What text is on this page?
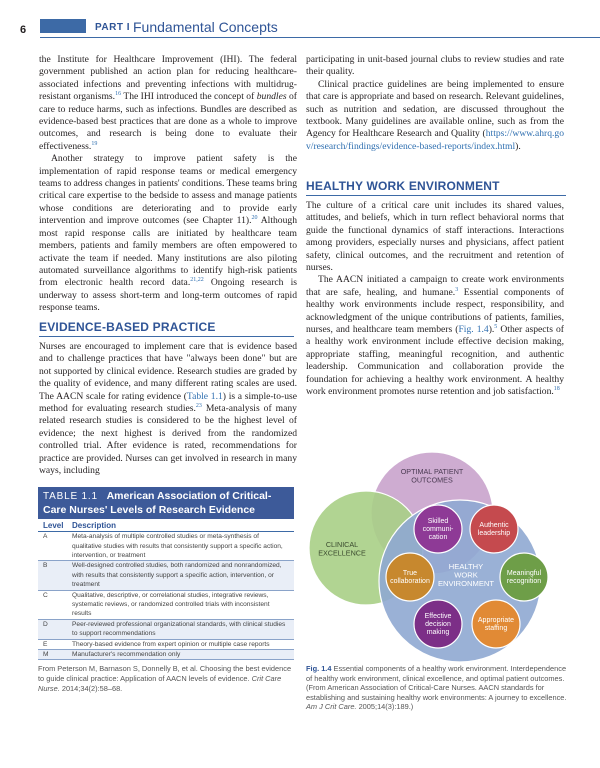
6	PART I Fundamental Concepts

the Institute for Healthcare Improvement (IHI). The federal government published an action plan for reducing healthcare-associated infections and preventing infections with multidrug-resistant organisms.$^{16}$ The IHI introduced the concept of bundles of care to reduce harms, such as infections. Bundles are described as evidence-based best practices that are done as a whole to improve outcomes, and research is being done to evaluate their effectiveness.$^{19}$

Another strategy to improve patient safety is the implementation of rapid response teams or medical emergency teams to address changes in patients' conditions. These teams bring critical care expertise to the bedside to assess and manage patients whose conditions are deteriorating and to provide early intervention and improve outcomes (see Chapter 11).$^{20}$ Although most rapid response calls are initiated by healthcare team members, patients and family members are often empowered to activate the team if needed. Many institutions are also piloting automated surveillance algorithms to identify high-risk patients from electronic health record data.$^{21,22}$ Ongoing research is underway to assess short-term and long-term outcomes of rapid response teams.

EVIDENCE-BASED PRACTICE

Nurses are encouraged to implement care that is evidence based and to challenge practices that have "always been done" but are not supported by clinical evidence. Research studies are graded by the quality of evidence, and many different rating scales are used. The AACN scale for rating evidence (Table 1.1) is a simple-to-use method for evaluating research studies.$^{23}$ Meta-analysis of many related research studies is considered to be the highest level of evidence; the next highest is derived from the randomized controlled trial. After evidence is rated, recommendations for practice are provided. Nurses can get involved in research in many ways, including

participating in unit-based journal clubs to review studies and rate their quality.

Clinical practice guidelines are being implemented to ensure that care is appropriate and based on research. Relevant guidelines, such as nutrition and sedation, are discussed throughout the textbook. Many guidelines are available online, such as from the Agency for Healthcare Research and Quality (https://www.ahrq.gov/research/findings/evidence-based-reports/index.html).

HEALTHY WORK ENVIRONMENT

The culture of a critical care unit includes its shared values, attitudes, and beliefs, which in turn reflect behavioral norms that guide the functional dynamics of staff interactions. Interactions among providers, especially nurses and physicians, affect patient safety, clinical outcomes, and the recruitment and retention of nurses.

The AACN initiated a campaign to create work environments that are safe, healing, and humane.$^3$ Essential components of healthy work environments include respect, responsibility, and acknowledgment of the unique contributions of patients, families, nurses, and healthcare team members (Fig. 1.4).$^5$ Other aspects of a healthy work environment include effective decision making, appropriate staffing, meaningful recognition, and authentic leadership. Communication and collaboration provide the foundation for achieving a healthy work environment. A healthy work environment promotes nurse retention and job satisfaction.$^{18}$

TABLE 1.1 American Association of Critical-Care Nurses' Levels of Research Evidence
Level	Description
A	Meta-analysis of multiple controlled studies or meta-synthesis of qualitative studies with results that consistently support a specific action, intervention, or treatment
B	Well-designed controlled studies, both randomized and nonrandomized, with results that consistently support a specific action, intervention, or treatment
C	Qualitative, descriptive, or correlational studies, integrative reviews, systematic reviews, or randomized controlled trials with inconsistent results
D	Peer-reviewed professional organizational standards, with clinical studies to support recommendations
E	Theory-based evidence from expert opinion or multiple case reports
M	Manufacturer's recommendation only
From Peterson M, Barnason S, Donnelly B, et al. Choosing the best evidence to guide clinical practice: Application of AACN levels of evidence. Crit Care Nurse. 2014;34(2):58–68.
OPTIMAL PATIENT OUTCOMES
CLINICAL EXCELLENCE
HEALTHY WORK ENVIRONMENT
Skilled communi-cation
Authentic leadership
True collaboration
Meaningful recognition
Effective decision making
Appropriate staffing
Fig. 1.4 Essential components of a healthy work environment. Interdependence of healthy work environment, clinical excellence, and optimal patient outcomes. (From American Association of Critical-Care Nurses. AACN standards for establishing and sustaining healthy work environments: A journey to excellence. Am J Crit Care. 2005;14(3):189.)
